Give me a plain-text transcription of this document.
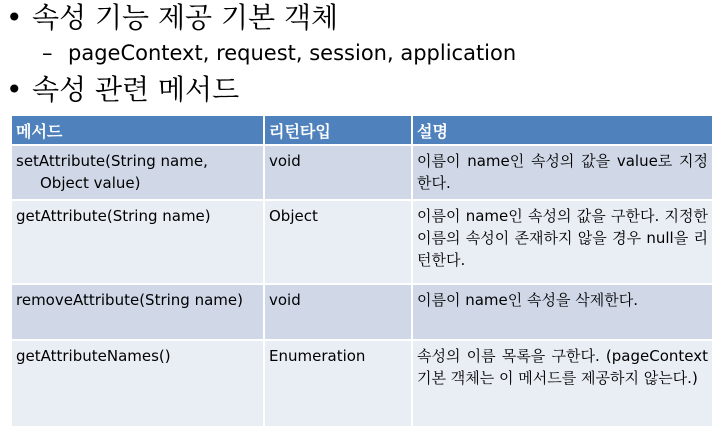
• 속성 기능 제공 기본 객체
– pageContext, request, session, application
• 속성 관련 메서드
메서드	리턴타입	설명
setAttribute(String name,
Object value)	void	이름이 name인 속성의 값을 value로 지정한다.
getAttribute(String name)	Object	이름이 name인 속성의 값을 구한다. 지정한 이름의 속성이 존재하지 않을 경우 null을 리턴한다.
removeAttribute(String name)	void	이름이 name인 속성을 삭제한다.
getAttributeNames()	Enumeration	속성의 이름 목록을 구한다. (pageContext 기본 객체는 이 메서드를 제공하지 않는다.)
